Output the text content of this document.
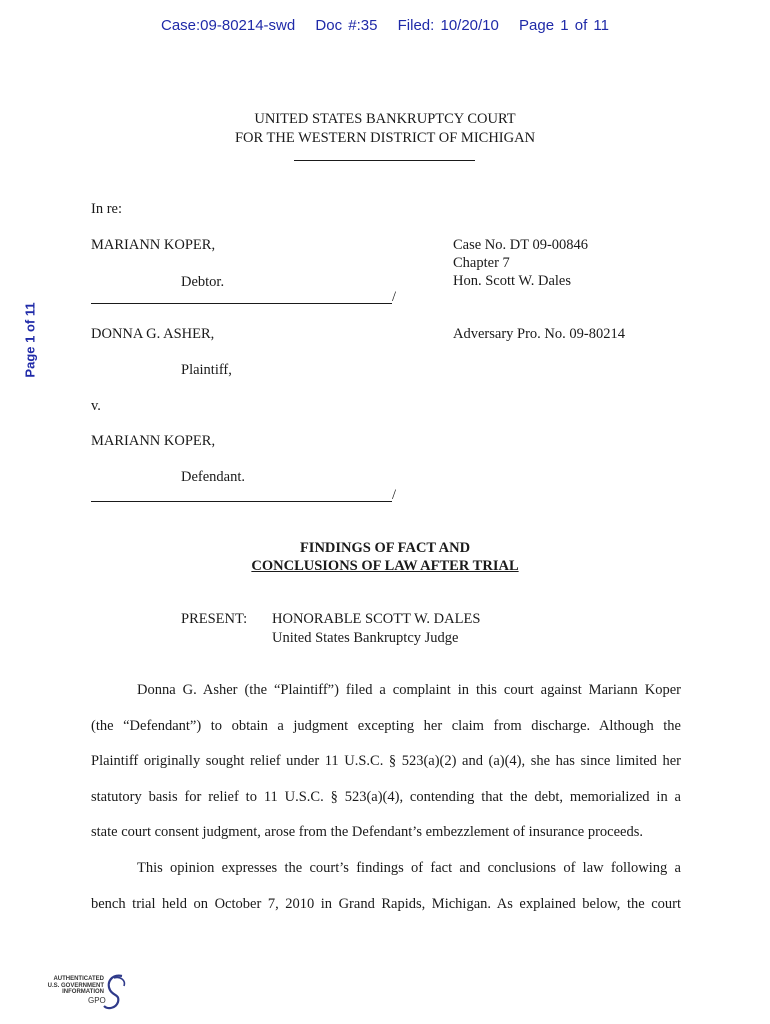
Case:09-80214-swd Doc #:35 Filed: 10/20/10 Page 1 of 11
Page 1 of 11
UNITED STATES BANKRUPTCY COURT
FOR THE WESTERN DISTRICT OF MICHIGAN
In re:
MARIANN KOPER,
Debtor.
/
Case No. DT 09-00846
Chapter 7
Hon. Scott W. Dales
DONNA G. ASHER,	Adversary Pro. No. 09-80214
Plaintiff,
v.
MARIANN KOPER,
Defendant.
/
FINDINGS OF FACT AND
CONCLUSIONS OF LAW AFTER TRIAL
PRESENT: HONORABLE SCOTT W. DALES
United States Bankruptcy Judge
Donna G. Asher (the “Plaintiff”) filed a complaint in this court against Mariann Koper
(the “Defendant”) to obtain a judgment excepting her claim from discharge. Although the
Plaintiff originally sought relief under 11 U.S.C. § 523(a)(2) and (a)(4), she has since limited her
statutory basis for relief to 11 U.S.C. § 523(a)(4), contending that the debt, memorialized in a
state court consent judgment, arose from the Defendant’s embezzlement of insurance proceeds.
This opinion expresses the court’s findings of fact and conclusions of law following a
bench trial held on October 7, 2010 in Grand Rapids, Michigan. As explained below, the court
AUTHENTICATED
U.S. GOVERNMENT
INFORMATION
GPO
